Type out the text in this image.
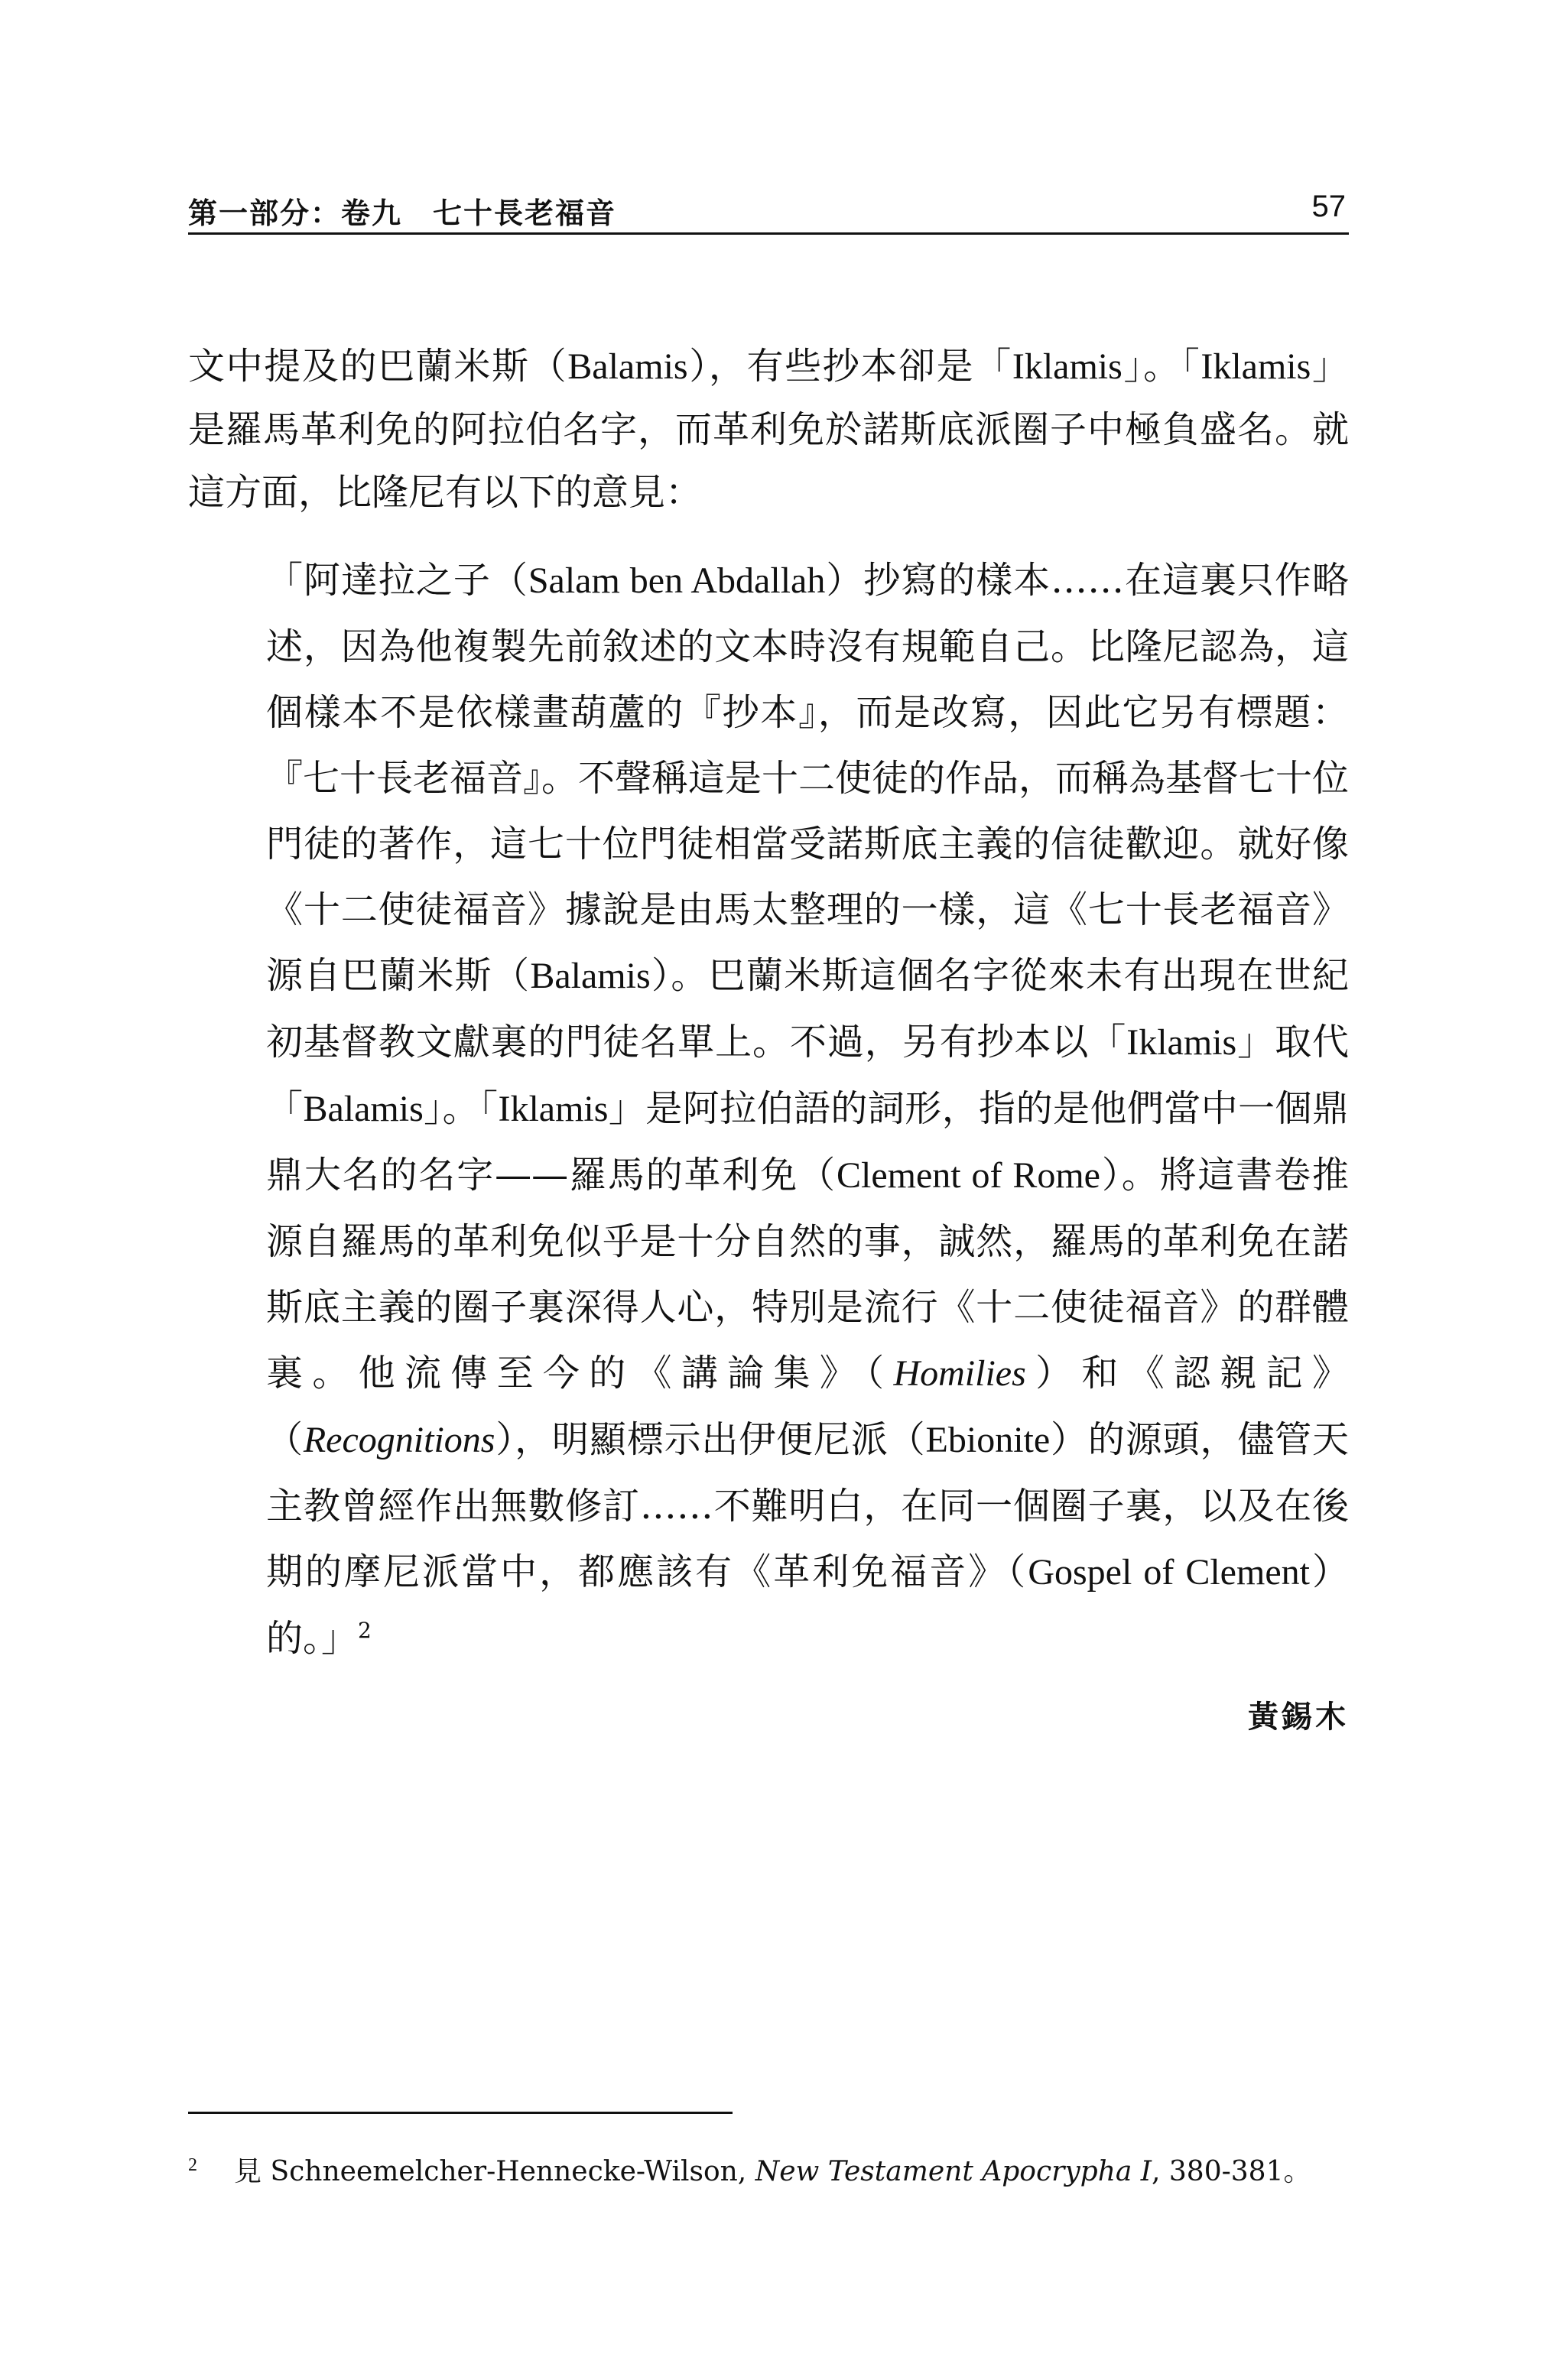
第一部分：卷九　七十長老福音	57

文中提及的巴蘭米斯（Balamis），有些抄本卻是「Iklamis」。「Iklamis」是羅馬革利免的阿拉伯名字，而革利免於諾斯底派圈子中極負盛名。就這方面，比隆尼有以下的意見：

「阿達拉之子（Salam ben Abdallah）抄寫的樣本……在這裏只作略述，因為他複製先前敘述的文本時沒有規範自己。比隆尼認為，這個樣本不是依樣畫葫蘆的『抄本』，而是改寫，因此它另有標題：『七十長老福音』。不聲稱這是十二使徒的作品，而稱為基督七十位門徒的著作，這七十位門徒相當受諾斯底主義的信徒歡迎。就好像《十二使徒福音》據說是由馬太整理的一樣，這《七十長老福音》源自巴蘭米斯（Balamis）。巴蘭米斯這個名字從來未有出現在世紀初基督教文獻裏的門徒名單上。不過，另有抄本以「Iklamis」取代「Balamis」。「Iklamis」是阿拉伯語的詞形，指的是他們當中一個鼎鼎大名的名字——羅馬的革利免（Clement of Rome）。將這書卷推源自羅馬的革利免似乎是十分自然的事，誠然，羅馬的革利免在諾斯底主義的圈子裏深得人心，特別是流行《十二使徒福音》的群體裏。他流傳至今的《講論集》（Homilies）和《認親記》（Recognitions），明顯標示出伊便尼派（Ebionite）的源頭，儘管天主教曾經作出無數修訂……不難明白，在同一個圈子裏，以及在後期的摩尼派當中，都應該有《革利免福音》（Gospel of Clement）的。」$^2$

黃錫木
$^2$ 見 Schneemelcher-Hennecke-Wilson, New Testament Apocrypha I, 380-381。
